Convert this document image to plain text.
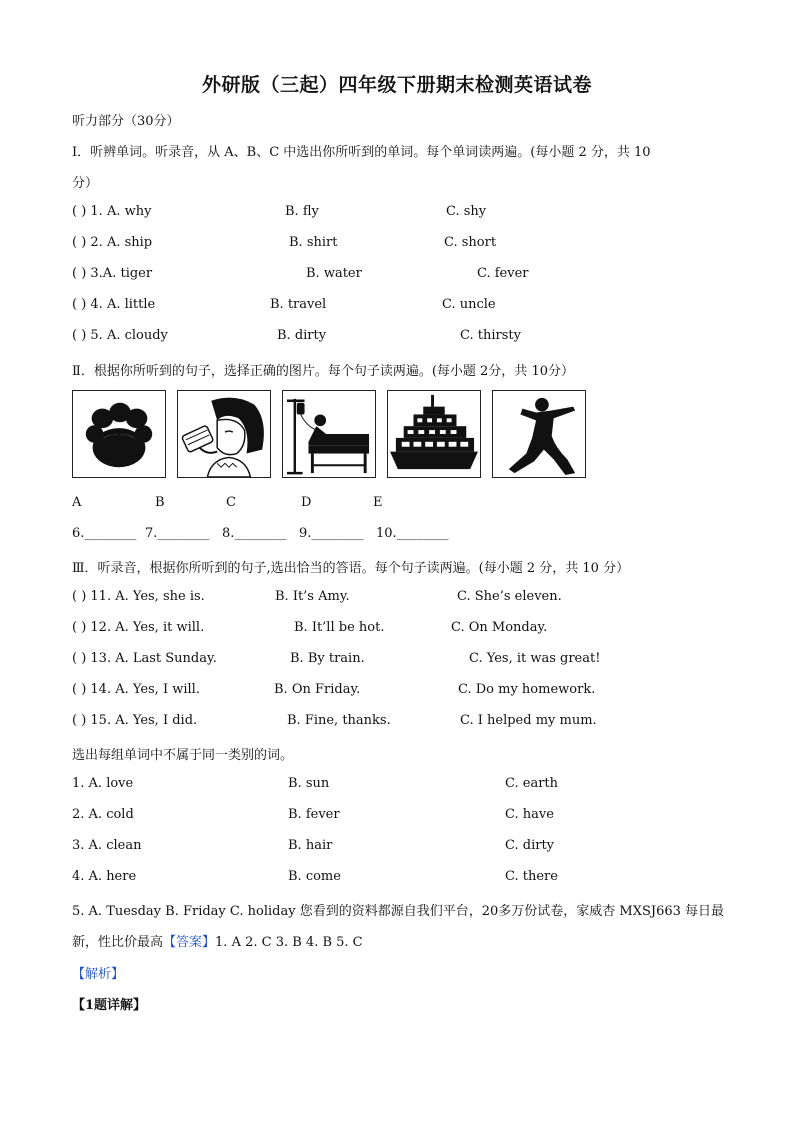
外研版（三起）四年级下册期末检测英语试卷
听力部分（30分）
Ⅰ．听辨单词。听录音，从 A、B、C 中选出你所听到的单词。每个单词读两遍。(每小题 2 分，共 10
分）
( ) 1. A. why	B. fly	C. shy
( ) 2. A. ship	B. shirt	C. short
( ) 3.A. tiger	B. water	C. fever
( ) 4. A. little	B. travel	C. uncle
( ) 5. A. cloudy	B. dirty	C. thirsty
Ⅱ．根据你所听到的句子，选择正确的图片。每个句子读两遍。(每小题 2分，共 10分）
A	B	C	D	E
6.________ 7.________ 8.________ 9.________ 10.________
Ⅲ．听录音，根据你所听到的句子,选出恰当的答语。每个句子读两遍。(每小题 2 分，共 10 分）
( ) 11. A. Yes, she is.	B. It’s Amy.	C. She’s eleven.
( ) 12. A. Yes, it will.	B. It’ll be hot.	C. On Monday.
( ) 13. A. Last Sunday.	B. By train.	C. Yes, it was great!
( ) 14. A. Yes, I will.	B. On Friday.	C. Do my homework.
( ) 15. A. Yes, I did.	B. Fine, thanks.	C. I helped my mum.
选出每组单词中不属于同一类别的词。
1. A. love	B. sun	C. earth
2. A. cold	B. fever	C. have
3. A. clean	B. hair	C. dirty
4. A. here	B. come	C. there
5. A. Tuesday B. Friday C. holiday 您看到的资料都源自我们平台，20多万份试卷，家威杏 MXSJ663 每日最
新，性比价最高【答案】1. A 2. C 3. B 4. B 5. C
【解析】
【1题详解】
